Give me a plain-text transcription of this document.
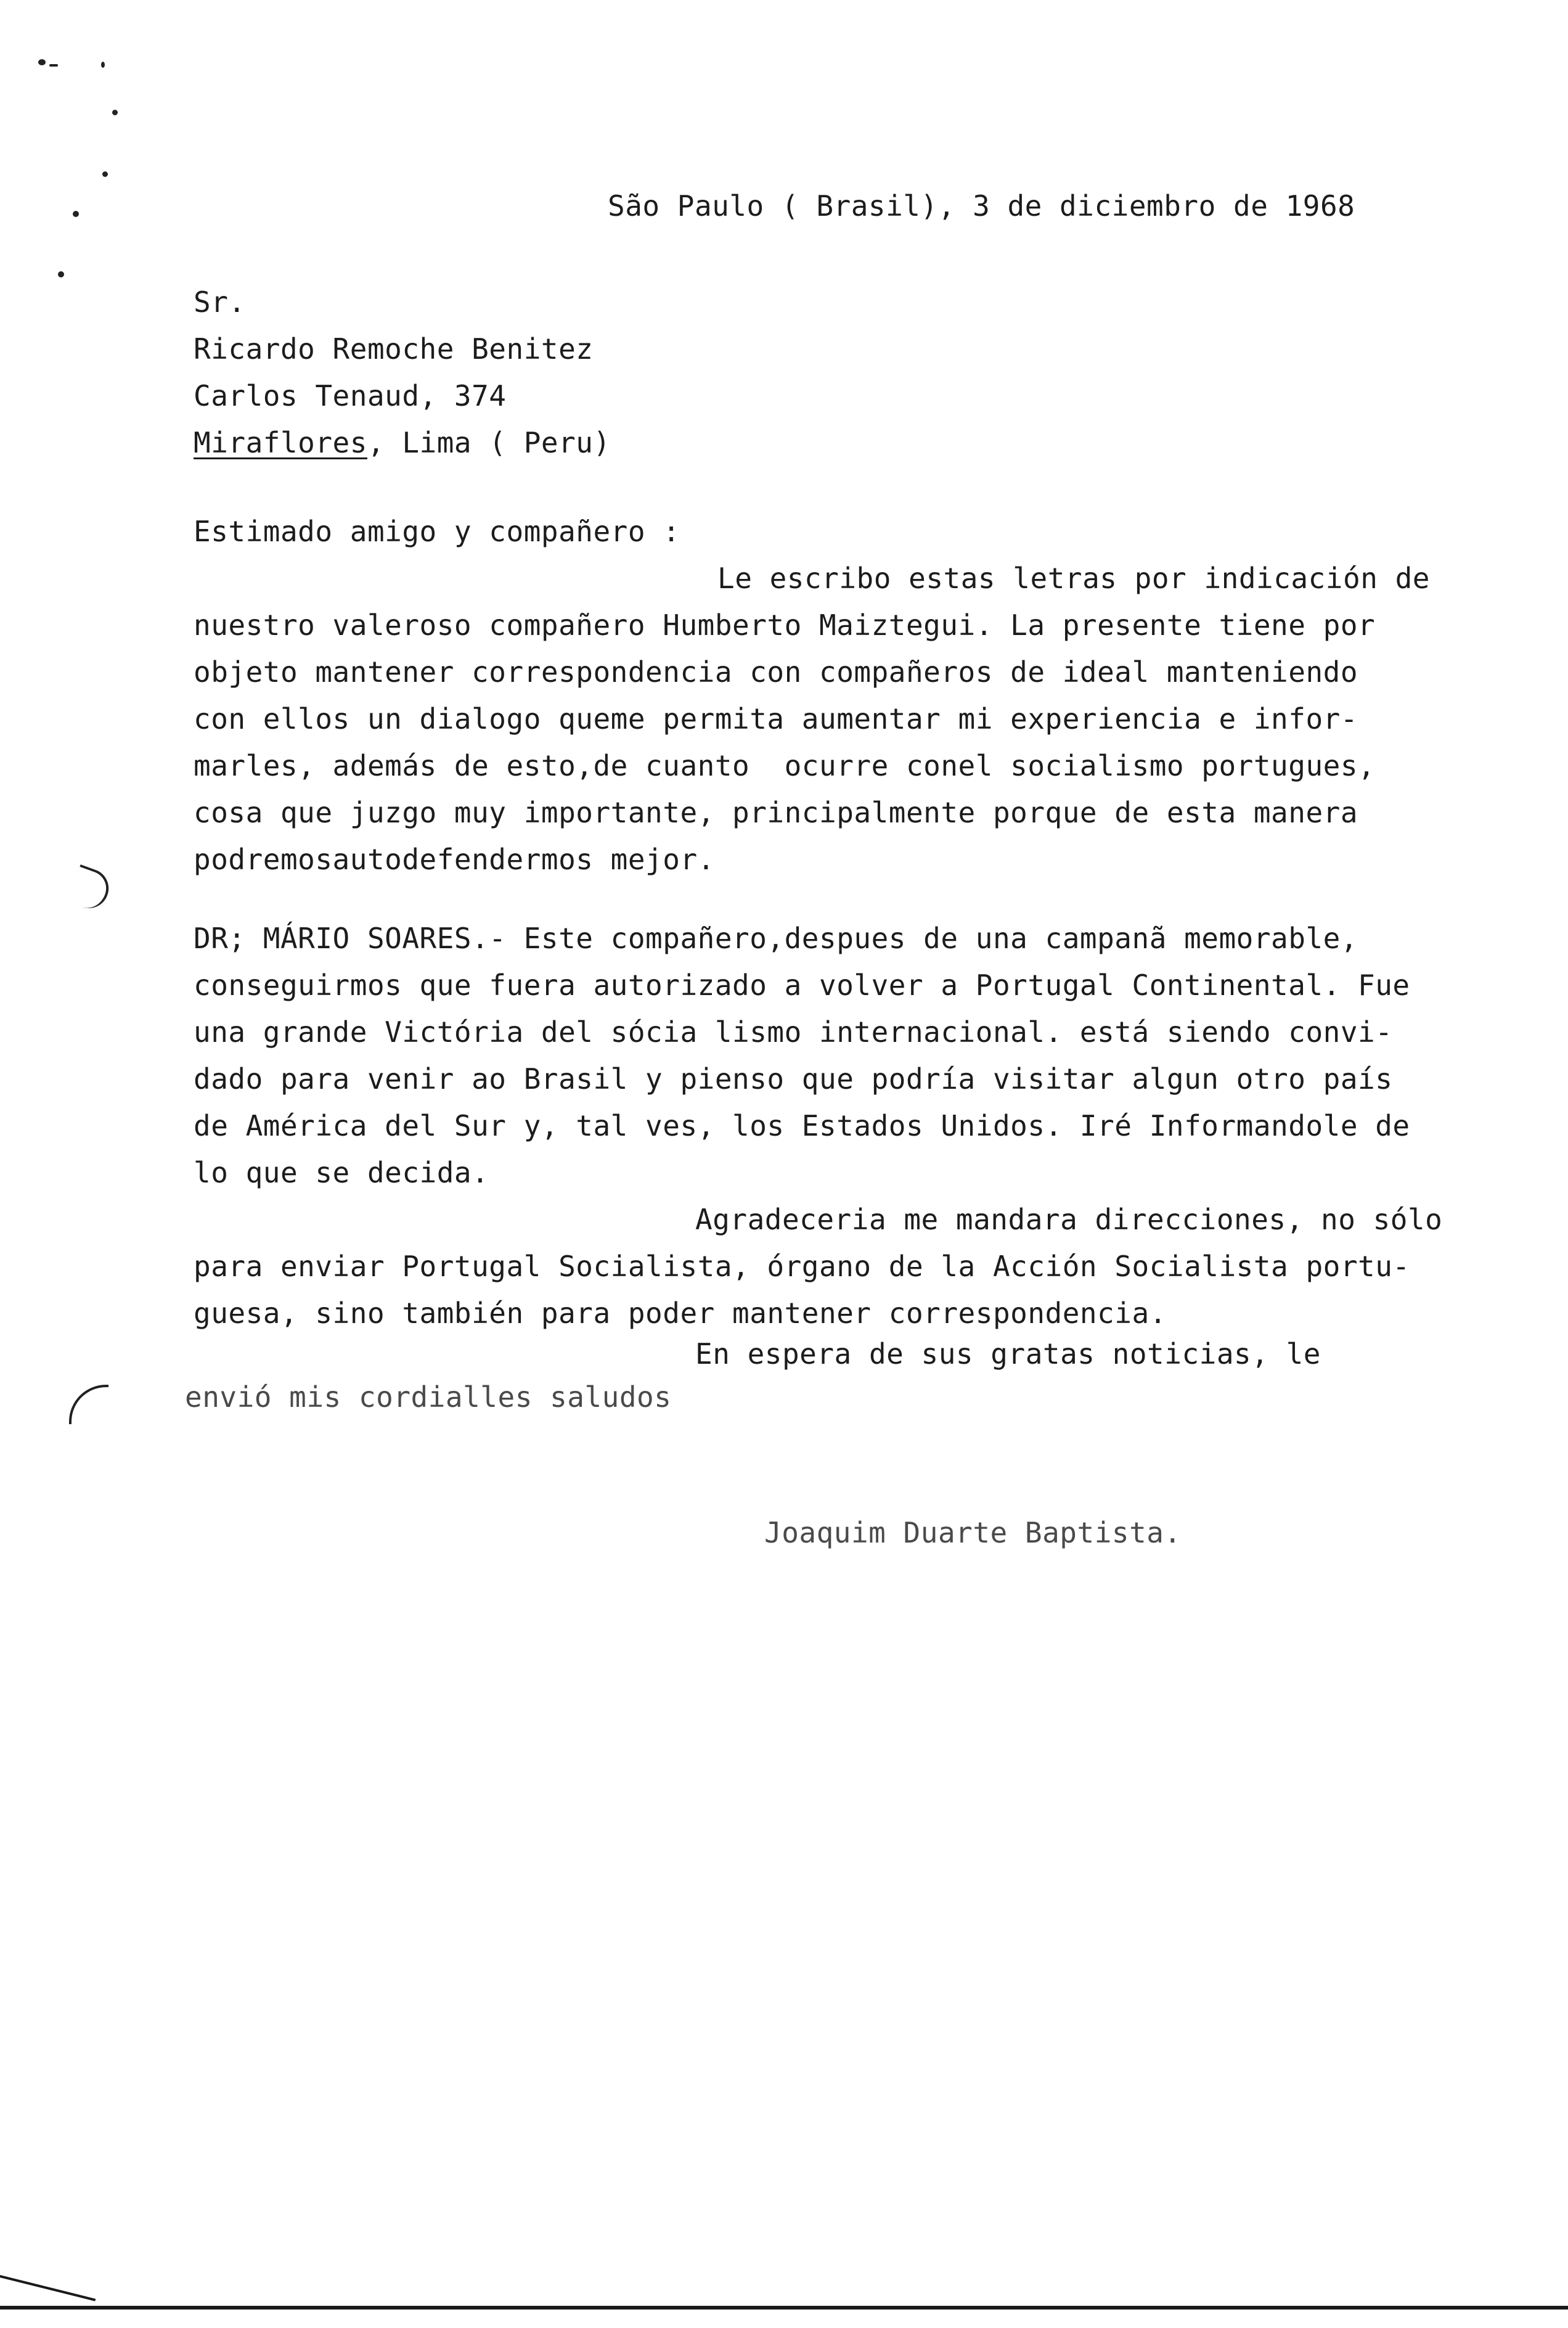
São Paulo ( Brasil), 3 de diciembro de 1968
Sr.
Ricardo Remoche Benitez
Carlos Tenaud, 374
Miraflores, Lima ( Peru)
Estimado amigo y compañero :
Le escribo estas letras por indicación de
nuestro valeroso compañero Humberto Maiztegui. La presente tiene por
objeto mantener correspondencia con compañeros de ideal manteniendo
con ellos un dialogo queme permita aumentar mi experiencia e infor-
marles, además de esto,de cuanto  ocurre conel socialismo portugues,
cosa que juzgo muy importante, principalmente porque de esta manera
podremosautodefendermos mejor.
DR; MÁRIO SOARES.- Este compañero,despues de una campanã memorable,
conseguirmos que fuera autorizado a volver a Portugal Continental. Fue
una grande Victória del sócia lismo internacional. está siendo convi-
dado para venir ao Brasil y pienso que podría visitar algun otro país
de América del Sur y, tal ves, los Estados Unidos. Iré Informandole de
lo que se decida.
Agradeceria me mandara direcciones, no sólo
para enviar Portugal Socialista, órgano de la Acción Socialista portu-
guesa, sino también para poder mantener correspondencia.
En espera de sus gratas noticias, le
envió mis cordialles saludos
Joaquim Duarte Baptista.
